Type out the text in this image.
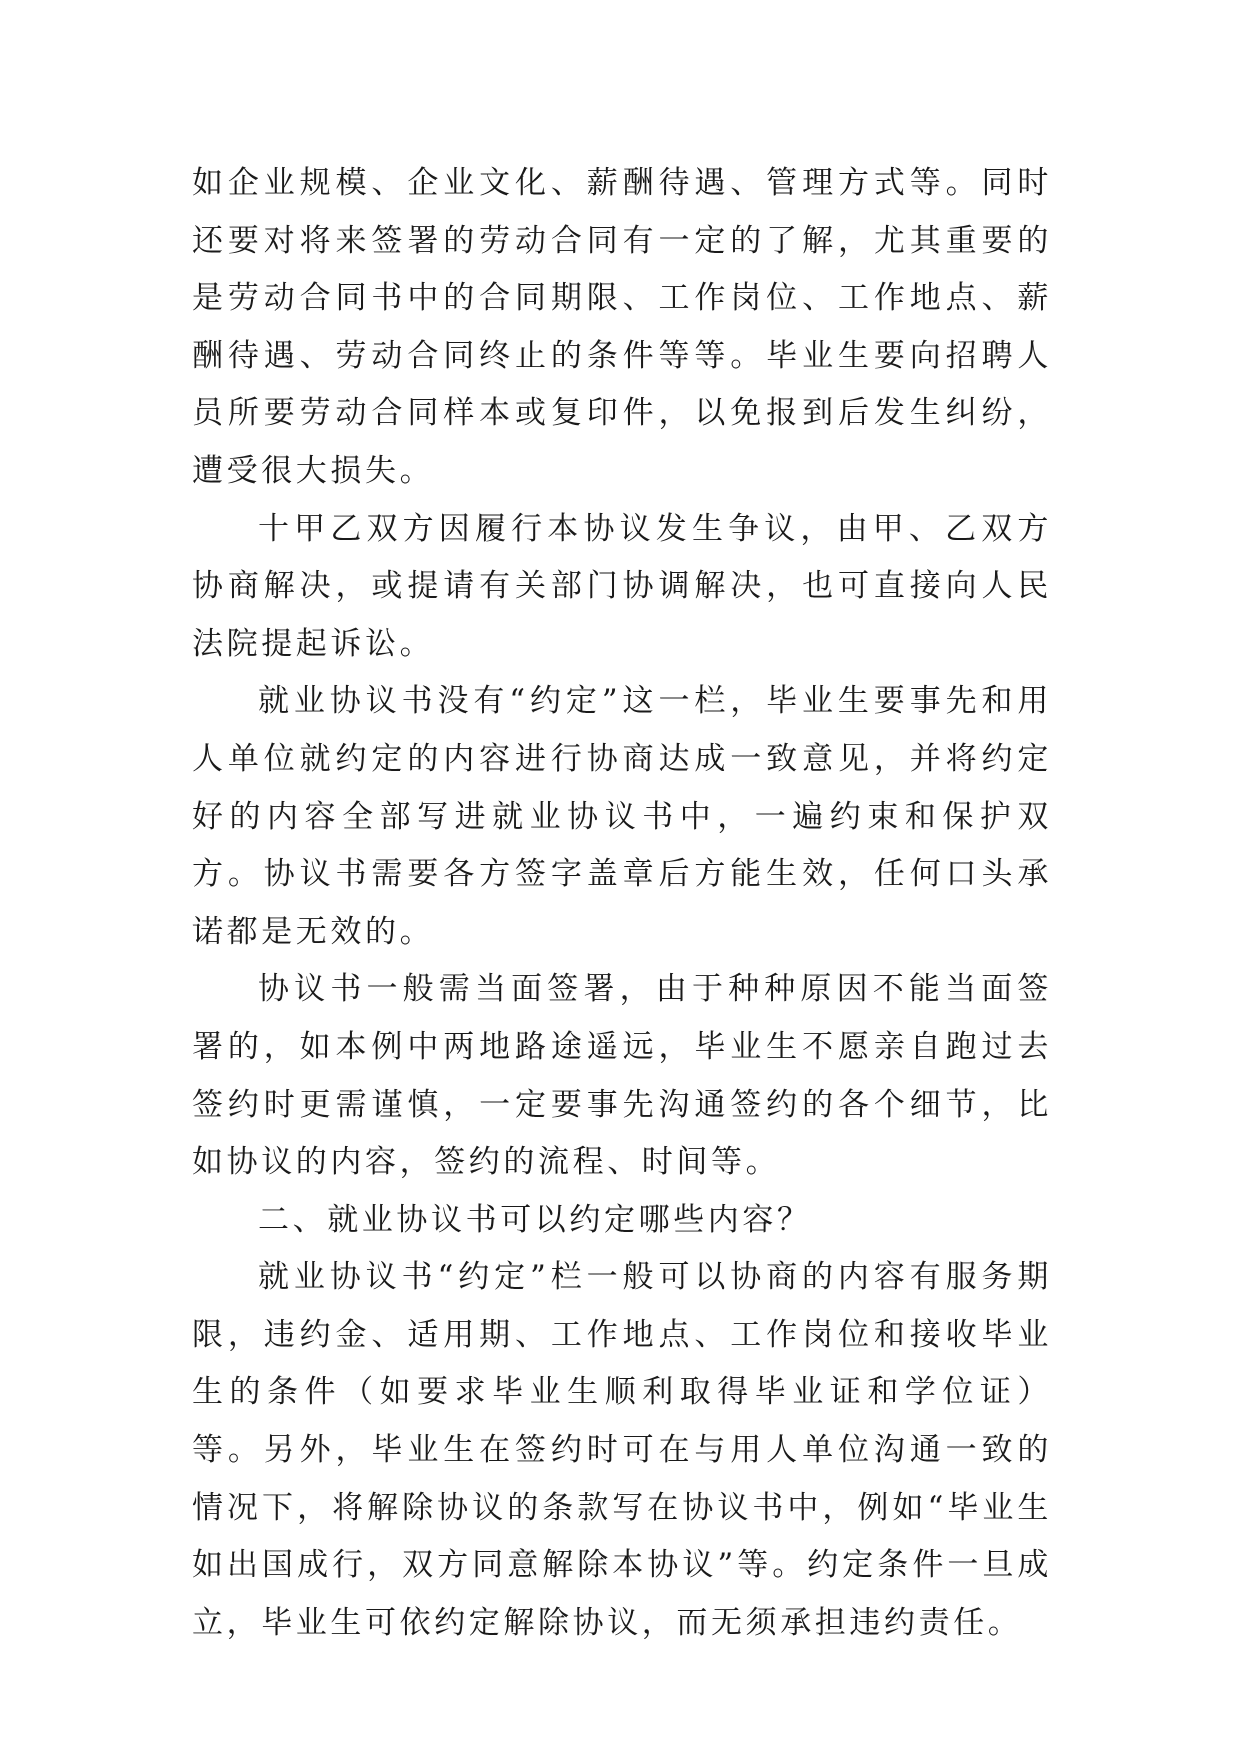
如企业规模、企业文化、薪酬待遇、管理方式等。同时还要对将来签署的劳动合同有一定的了解，尤其重要的是劳动合同书中的合同期限、工作岗位、工作地点、薪酬待遇、劳动合同终止的条件等等。毕业生要向招聘人员所要劳动合同样本或复印件，以免报到后发生纠纷，遭受很大损失。

十甲乙双方因履行本协议发生争议，由甲、乙双方协商解决，或提请有关部门协调解决，也可直接向人民法院提起诉讼。

就业协议书没有“约定”这一栏，毕业生要事先和用人单位就约定的内容进行协商达成一致意见，并将约定好的内容全部写进就业协议书中，一遍约束和保护双方。协议书需要各方签字盖章后方能生效，任何口头承诺都是无效的。

协议书一般需当面签署，由于种种原因不能当面签署的，如本例中两地路途遥远，毕业生不愿亲自跑过去签约时更需谨慎，一定要事先沟通签约的各个细节，比如协议的内容，签约的流程、时间等。

二、就业协议书可以约定哪些内容？

就业协议书“约定”栏一般可以协商的内容有服务期限，违约金、适用期、工作地点、工作岗位和接收毕业生的条件（如要求毕业生顺利取得毕业证和学位证）等。另外，毕业生在签约时可在与用人单位沟通一致的情况下，将解除协议的条款写在协议书中，例如“毕业生如出国成行，双方同意解除本协议”等。约定条件一旦成立，毕业生可依约定解除协议，而无须承担违约责任。
